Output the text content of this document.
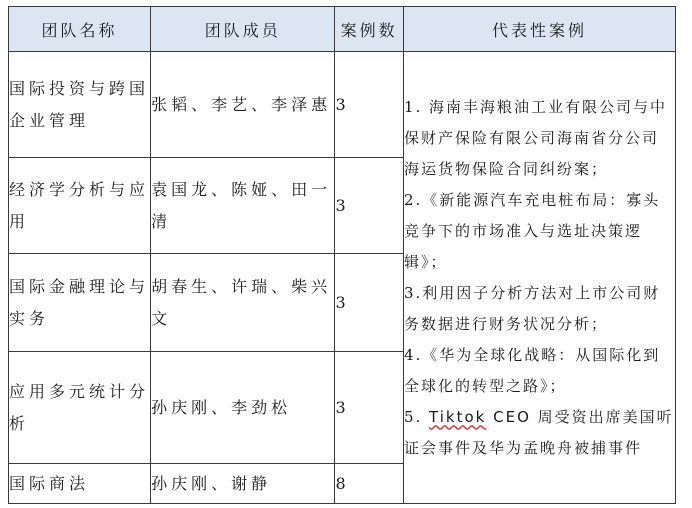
团队名称	团队成员	案例数	代表性案例
国际投资与跨国企业管理	张韬、李艺、李泽惠	3	1. 海南丰海粮油工业有限公司与中保财产保险有限公司海南省分公司海运货物保险合同纠纷案；
2.《新能源汽车充电桩布局：寡头竞争下的市场准入与选址决策逻辑》；
3.利用因子分析方法对上市公司财务数据进行财务状况分析；
4.《华为全球化战略：从国际化到全球化的转型之路》；
5. Tiktok CEO 周受资出席美国听证会事件及华为孟晚舟被捕事件

经济学分析与应用	袁国龙、陈娅、田一清	3	
国际金融理论与实务	胡春生、许瑞、柴兴文	3	
应用多元统计分析	孙庆刚、李劲松	3	
国际商法	孙庆刚、谢静	8	
